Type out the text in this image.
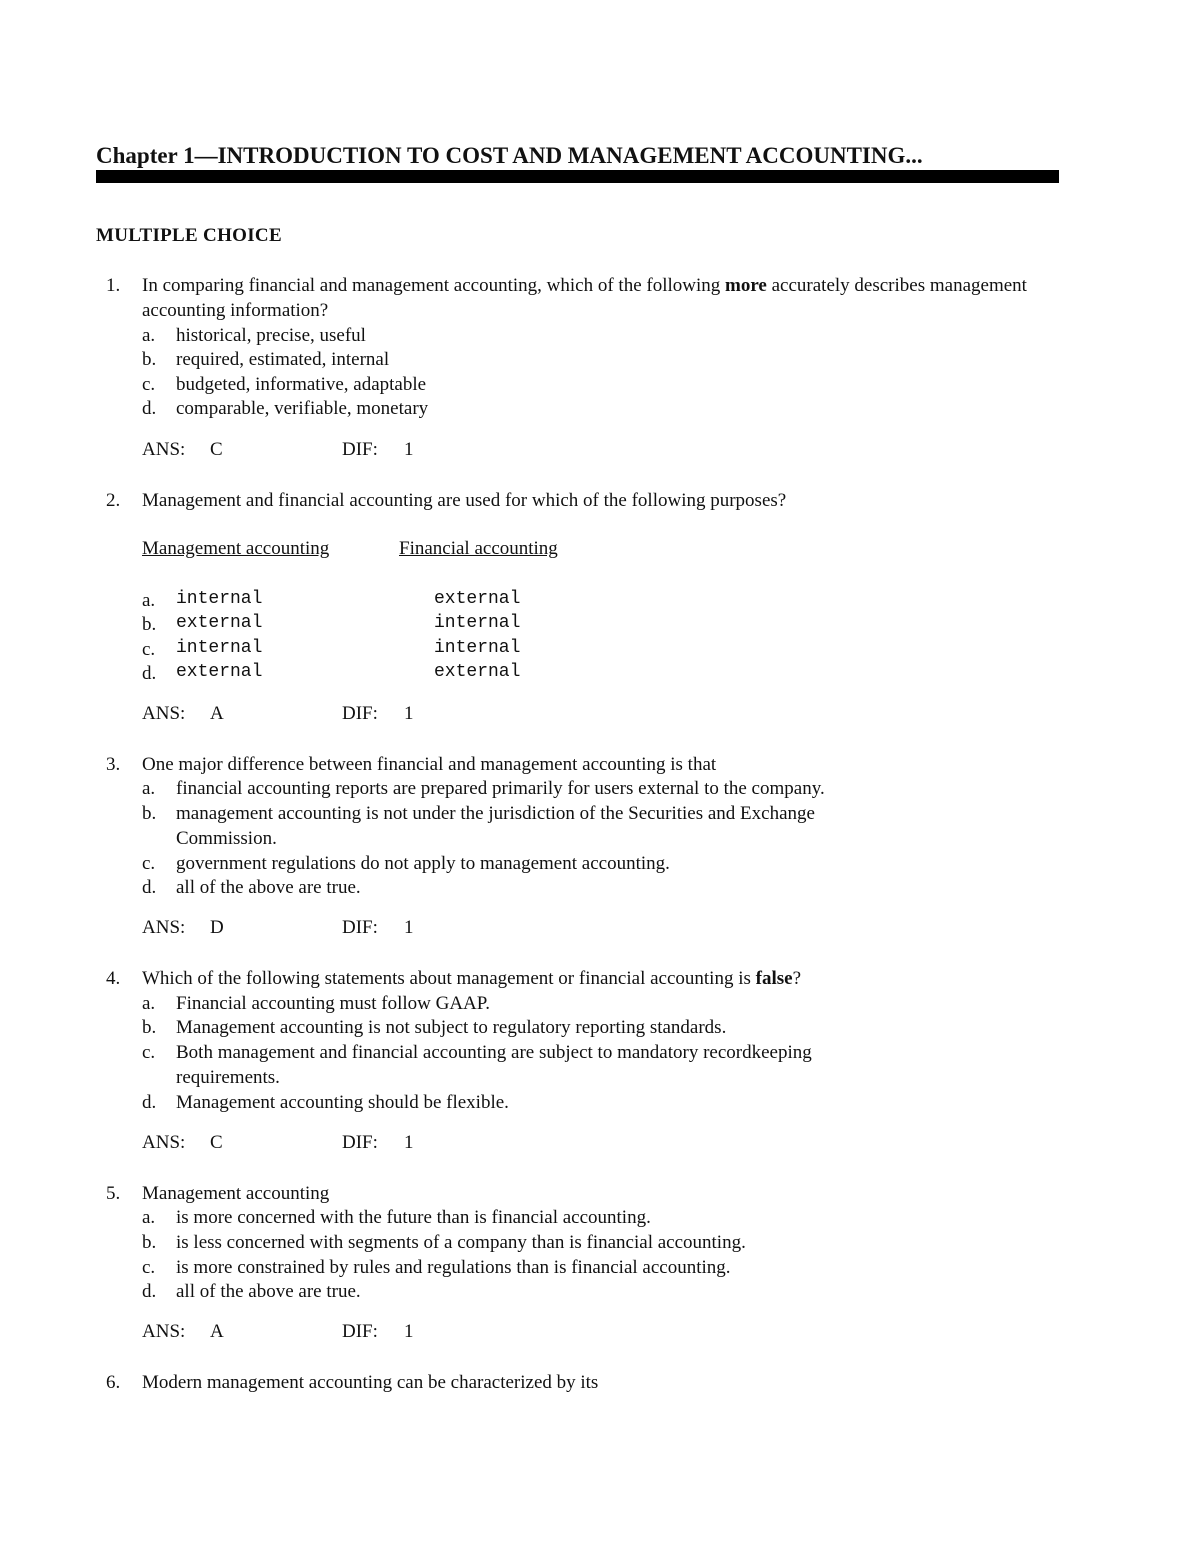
Chapter 1—INTRODUCTION TO COST AND MANAGEMENT ACCOUNTING...
MULTIPLE CHOICE
1.	In comparing financial and management accounting, which of the following more accurately describes management accounting information?
a. historical, precise, useful
b. required, estimated, internal
c. budgeted, informative, adaptable
d. comparable, verifiable, monetary
ANS: C	DIF: 1
2.	Management and financial accounting are used for which of the following purposes?
Management accounting	Financial accounting
a. internal	external
b. external	internal
c. internal	internal
d. external	external
ANS: A	DIF: 1
3.	One major difference between financial and management accounting is that
a. financial accounting reports are prepared primarily for users external to the company.
b. management accounting is not under the jurisdiction of the Securities and Exchange Commission.
c. government regulations do not apply to management accounting.
d. all of the above are true.
ANS: D	DIF: 1
4.	Which of the following statements about management or financial accounting is false?
a. Financial accounting must follow GAAP.
b. Management accounting is not subject to regulatory reporting standards.
c. Both management and financial accounting are subject to mandatory recordkeeping requirements.
d. Management accounting should be flexible.
ANS: C	DIF: 1
5.	Management accounting
a. is more concerned with the future than is financial accounting.
b. is less concerned with segments of a company than is financial accounting.
c. is more constrained by rules and regulations than is financial accounting.
d. all of the above are true.
ANS: A	DIF: 1
6.	Modern management accounting can be characterized by its
